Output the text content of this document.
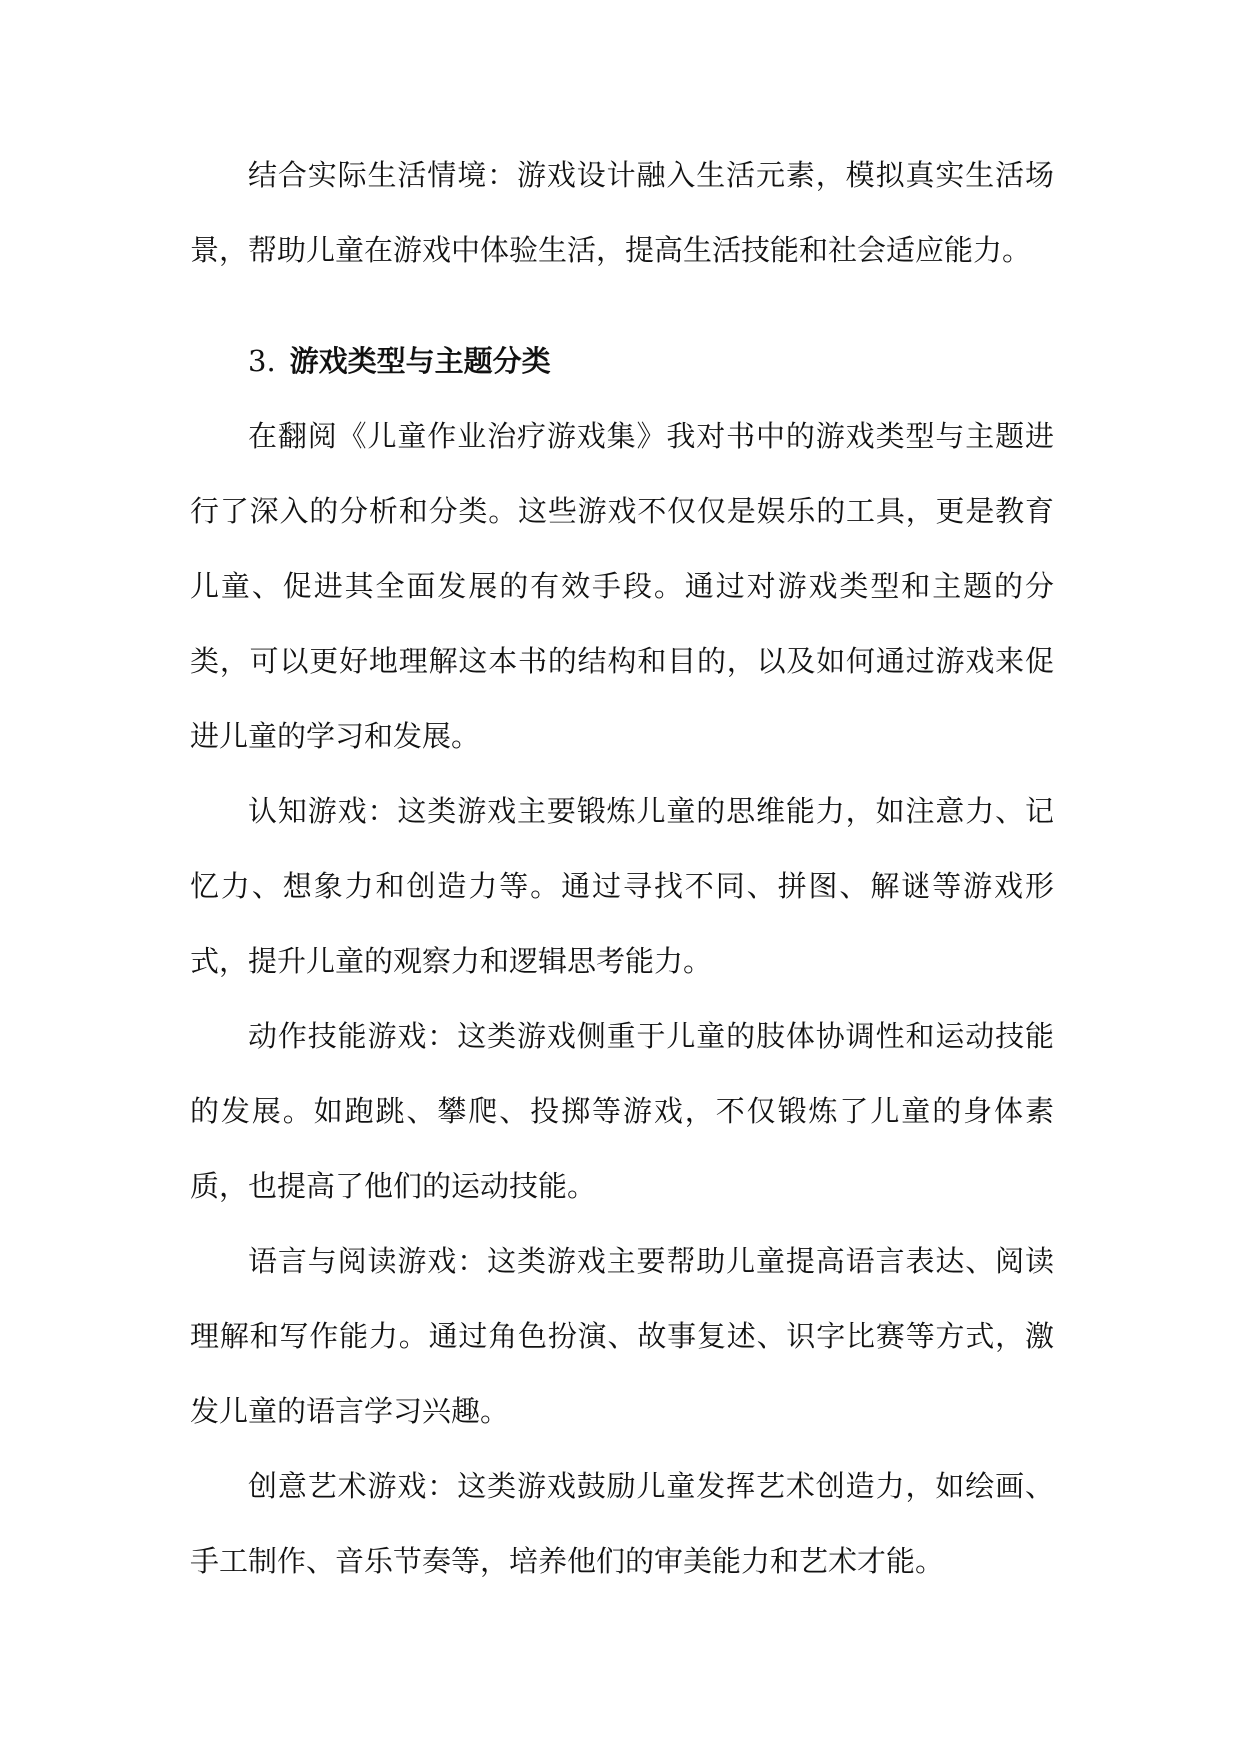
结合实际生活情境：游戏设计融入生活元素，模拟真实生活场景，帮助儿童在游戏中体验生活，提高生活技能和社会适应能力。

3. 游戏类型与主题分类

在翻阅《儿童作业治疗游戏集》我对书中的游戏类型与主题进行了深入的分析和分类。这些游戏不仅仅是娱乐的工具，更是教育儿童、促进其全面发展的有效手段。通过对游戏类型和主题的分类，可以更好地理解这本书的结构和目的，以及如何通过游戏来促进儿童的学习和发展。

认知游戏：这类游戏主要锻炼儿童的思维能力，如注意力、记忆力、想象力和创造力等。通过寻找不同、拼图、解谜等游戏形式，提升儿童的观察力和逻辑思考能力。

动作技能游戏：这类游戏侧重于儿童的肢体协调性和运动技能的发展。如跑跳、攀爬、投掷等游戏，不仅锻炼了儿童的身体素质，也提高了他们的运动技能。

语言与阅读游戏：这类游戏主要帮助儿童提高语言表达、阅读理解和写作能力。通过角色扮演、故事复述、识字比赛等方式，激发儿童的语言学习兴趣。

创意艺术游戏：这类游戏鼓励儿童发挥艺术创造力，如绘画、手工制作、音乐节奏等，培养他们的审美能力和艺术才能。
